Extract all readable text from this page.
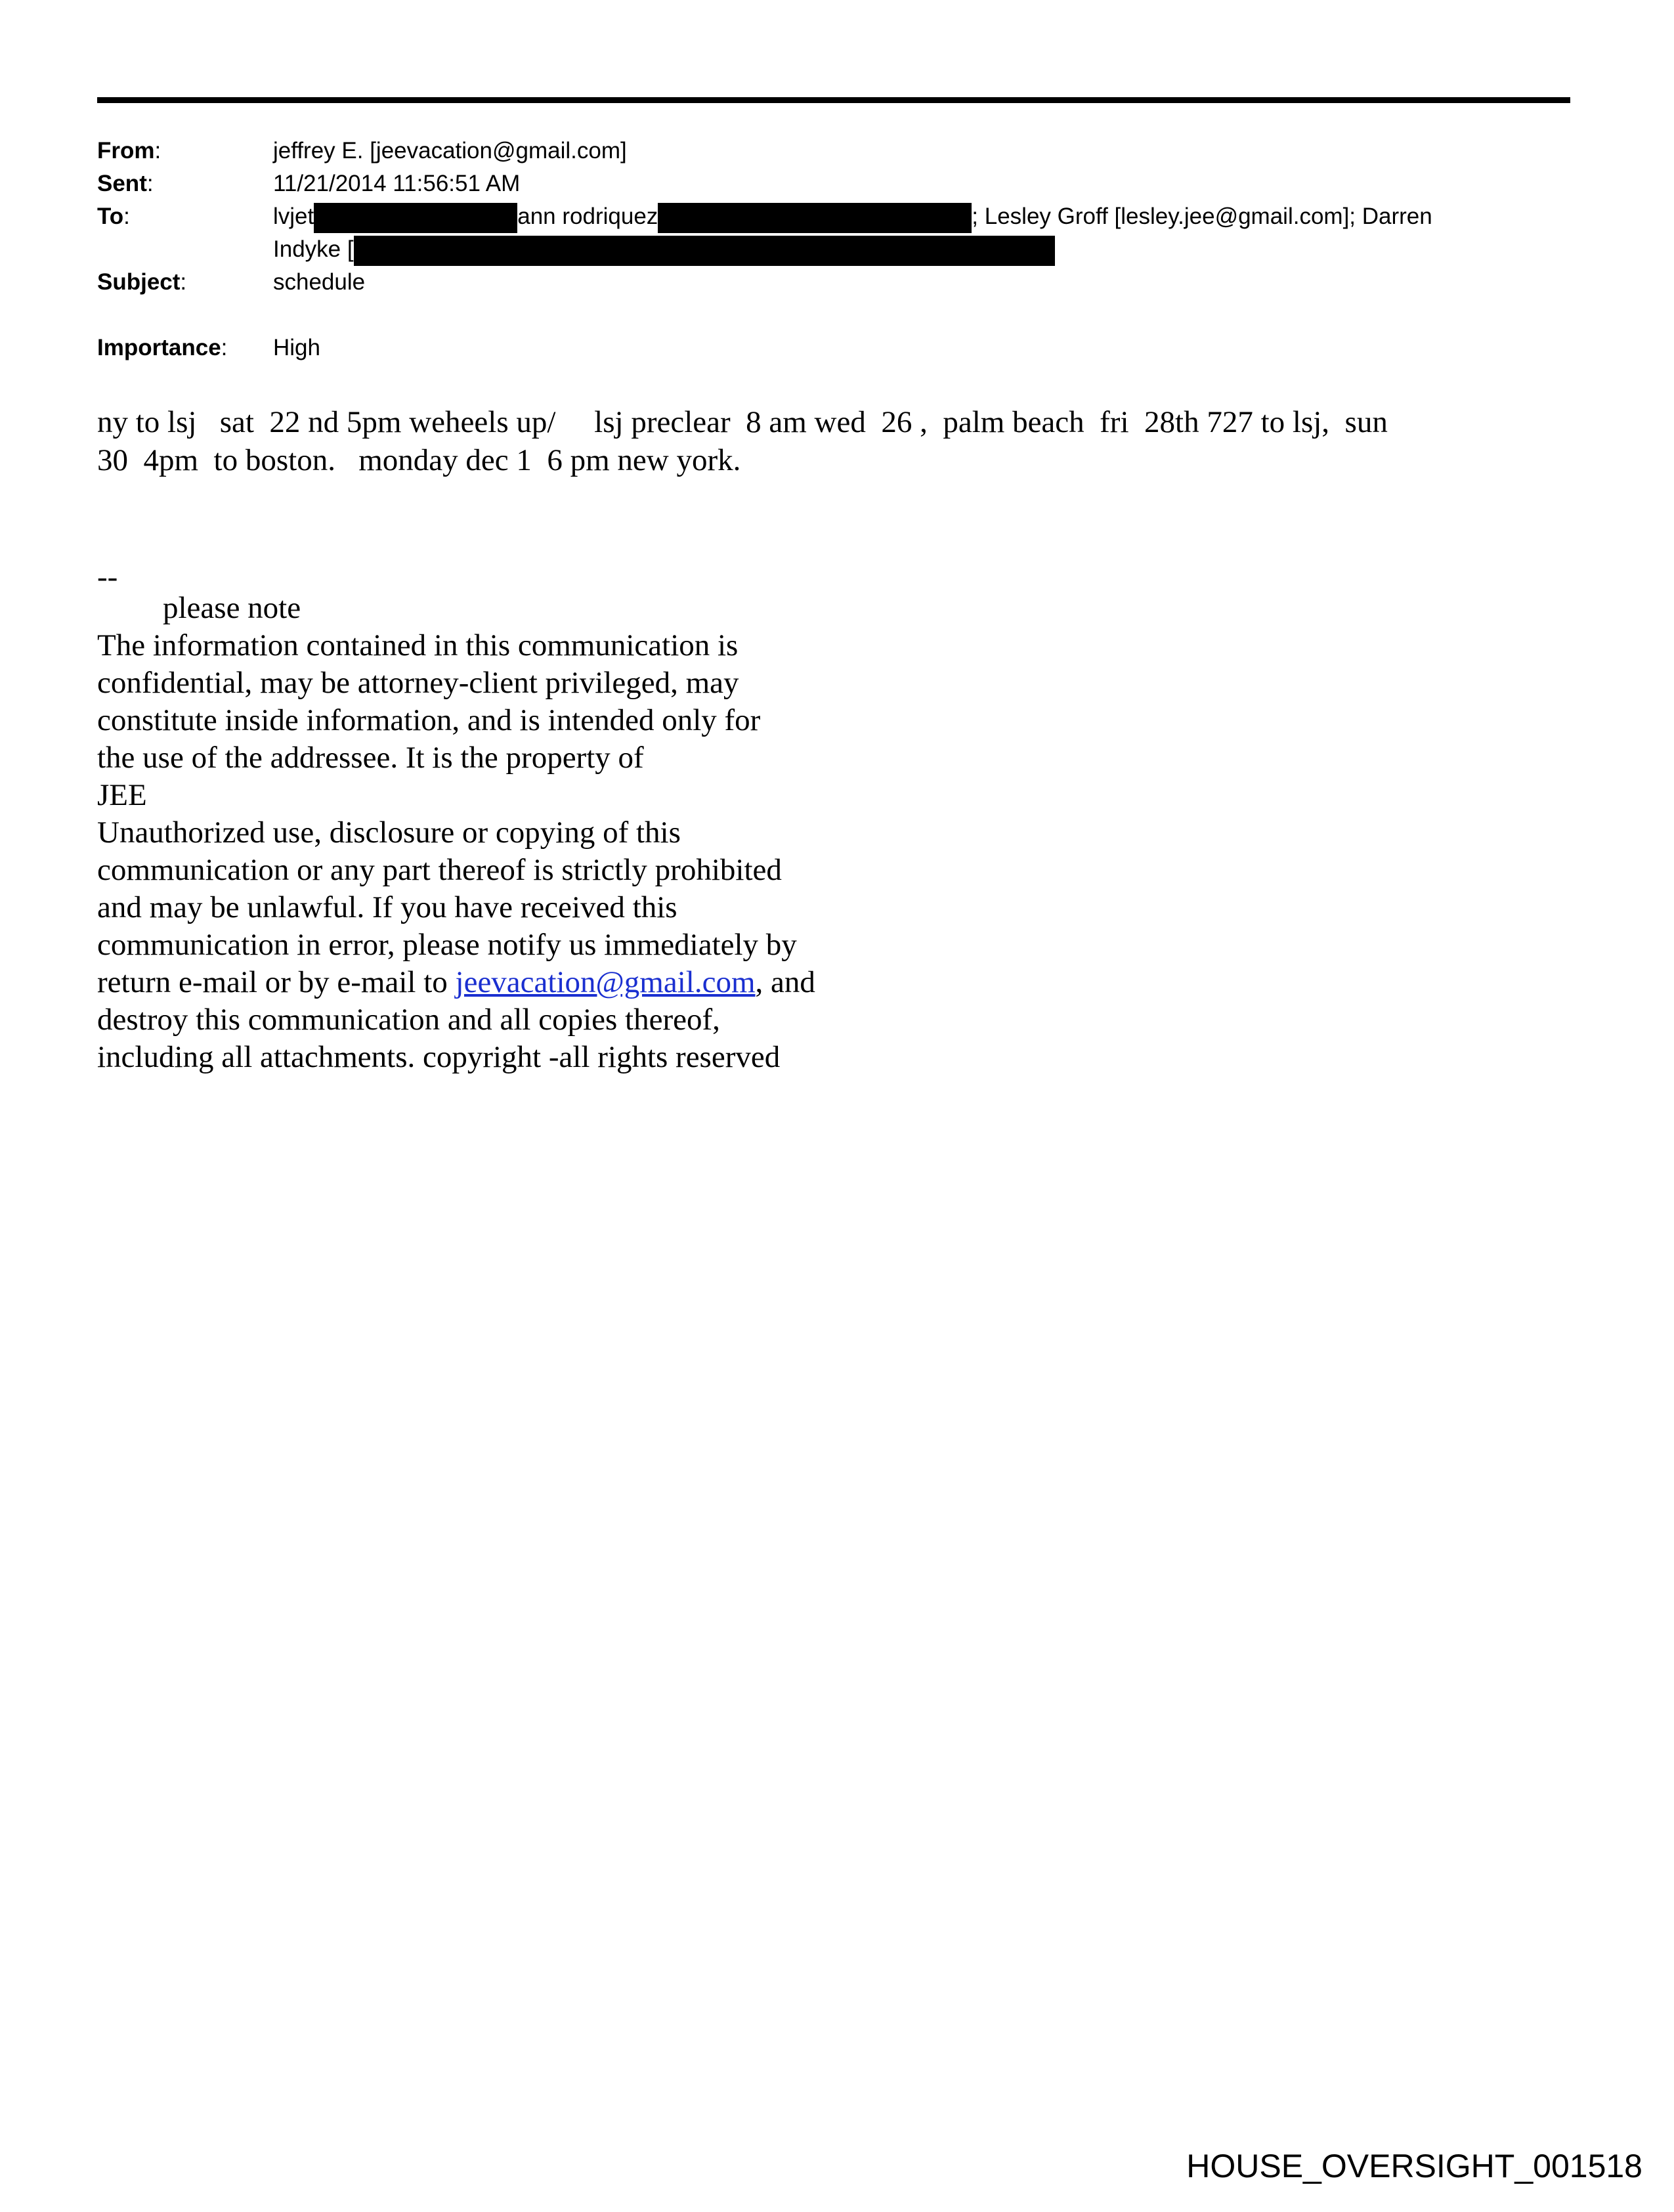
From:	jeffrey E. [jeevacation@gmail.com]
Sent:	11/21/2014 11:56:51 AM
To:	lvjet	ann rodriquez	; Lesley Groff [lesley.jee@gmail.com]; Darren
Indyke [
Subject:	schedule
Importance: High
ny to lsj   sat  22 nd 5pm weheels up/     lsj preclear  8 am wed  26 ,  palm beach  fri  28th 727 to lsj,  sun
30  4pm  to boston.   monday dec 1  6 pm new york.
--
please note
The information contained in this communication is
confidential, may be attorney-client privileged, may
constitute inside information, and is intended only for
the use of the addressee. It is the property of
JEE
Unauthorized use, disclosure or copying of this
communication or any part thereof is strictly prohibited
and may be unlawful. If you have received this
communication in error, please notify us immediately by
return e-mail or by e-mail to jeevacation@gmail.com, and
destroy this communication and all copies thereof,
including all attachments. copyright -all rights reserved
HOUSE_OVERSIGHT_001518
